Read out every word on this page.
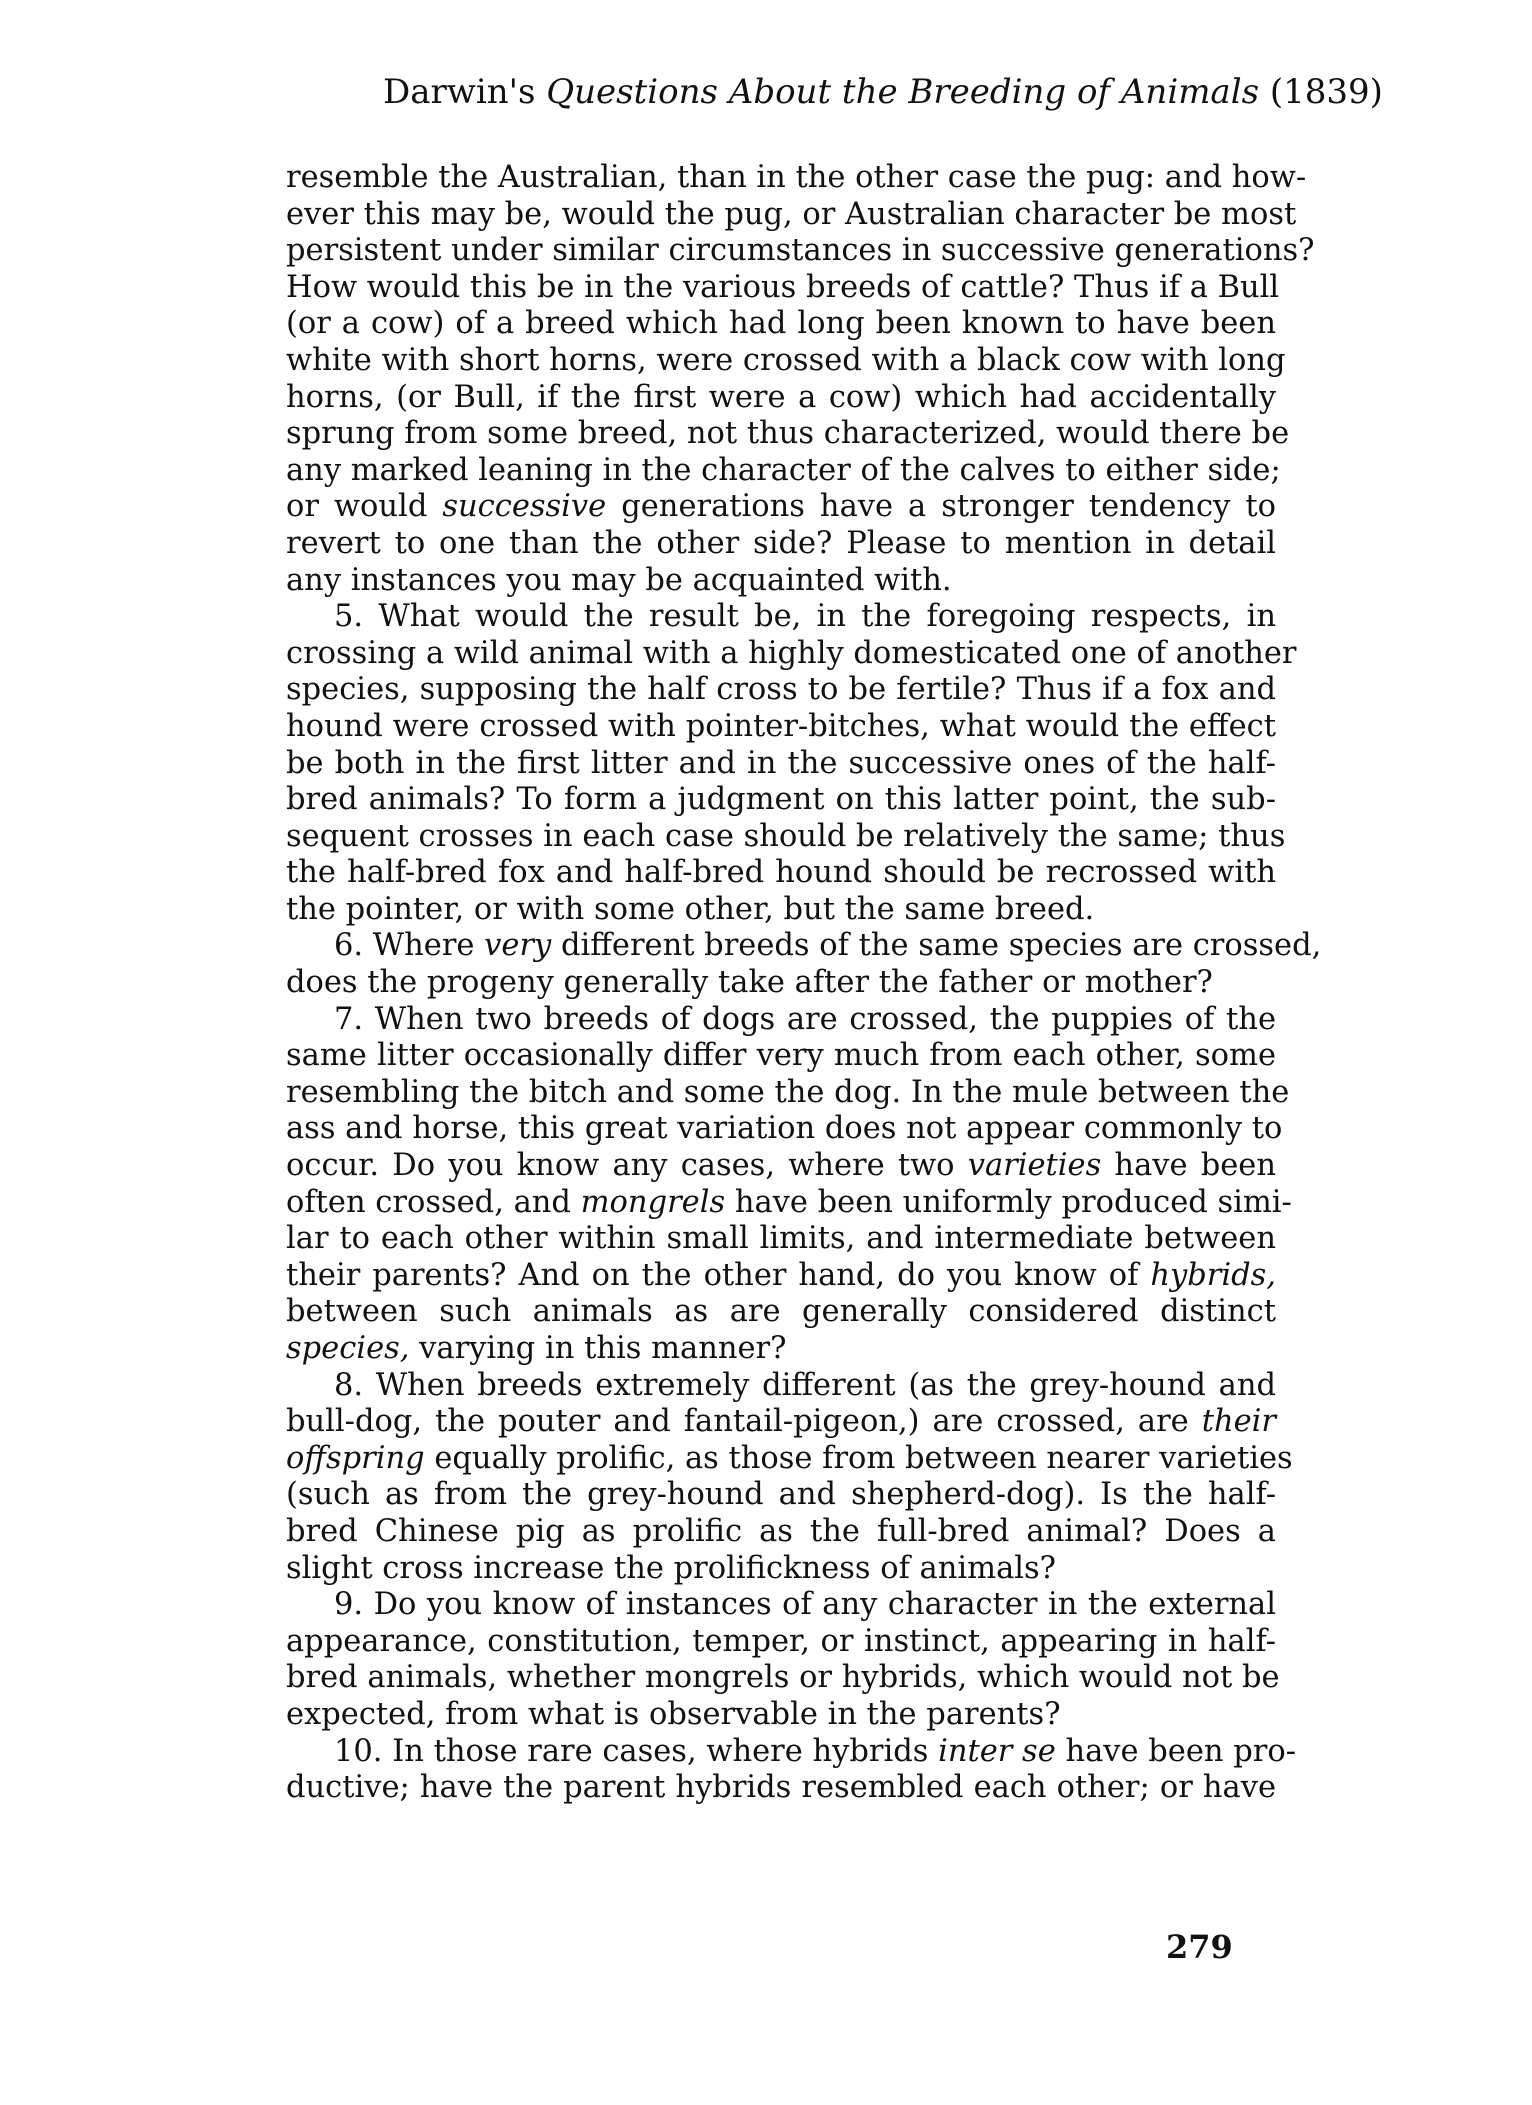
Darwin's Questions About the Breeding of Animals (1839)
resemble the Australian, than in the other case the pug: and how-
ever this may be, would the pug, or Australian character be most
persistent under similar circumstances in successive generations?
How would this be in the various breeds of cattle? Thus if a Bull
(or a cow) of a breed which had long been known to have been
white with short horns, were crossed with a black cow with long
horns, (or Bull, if the first were a cow) which had accidentally
sprung from some breed, not thus characterized, would there be
any marked leaning in the character of the calves to either side;
or would successive generations have a stronger tendency to
revert to one than the other side? Please to mention in detail
any instances you may be acquainted with.
5. What would the result be, in the foregoing respects, in
crossing a wild animal with a highly domesticated one of another
species, supposing the half cross to be fertile? Thus if a fox and
hound were crossed with pointer-bitches, what would the effect
be both in the first litter and in the successive ones of the half-
bred animals? To form a judgment on this latter point, the sub-
sequent crosses in each case should be relatively the same; thus
the half-bred fox and half-bred hound should be recrossed with
the pointer, or with some other, but the same breed.
6. Where very different breeds of the same species are crossed,
does the progeny generally take after the father or mother?
7. When two breeds of dogs are crossed, the puppies of the
same litter occasionally differ very much from each other, some
resembling the bitch and some the dog. In the mule between the
ass and horse, this great variation does not appear commonly to
occur. Do you know any cases, where two varieties have been
often crossed, and mongrels have been uniformly produced simi-
lar to each other within small limits, and intermediate between
their parents? And on the other hand, do you know of hybrids,
between such animals as are generally considered distinct
species, varying in this manner?
8. When breeds extremely different (as the grey-hound and
bull-dog, the pouter and fantail-pigeon,) are crossed, are their
offspring equally prolific, as those from between nearer varieties
(such as from the grey-hound and shepherd-dog). Is the half-
bred Chinese pig as prolific as the full-bred animal? Does a
slight cross increase the prolifickness of animals?
9. Do you know of instances of any character in the external
appearance, constitution, temper, or instinct, appearing in half-
bred animals, whether mongrels or hybrids, which would not be
expected, from what is observable in the parents?
10. In those rare cases, where hybrids inter se have been pro-
ductive; have the parent hybrids resembled each other; or have
279
